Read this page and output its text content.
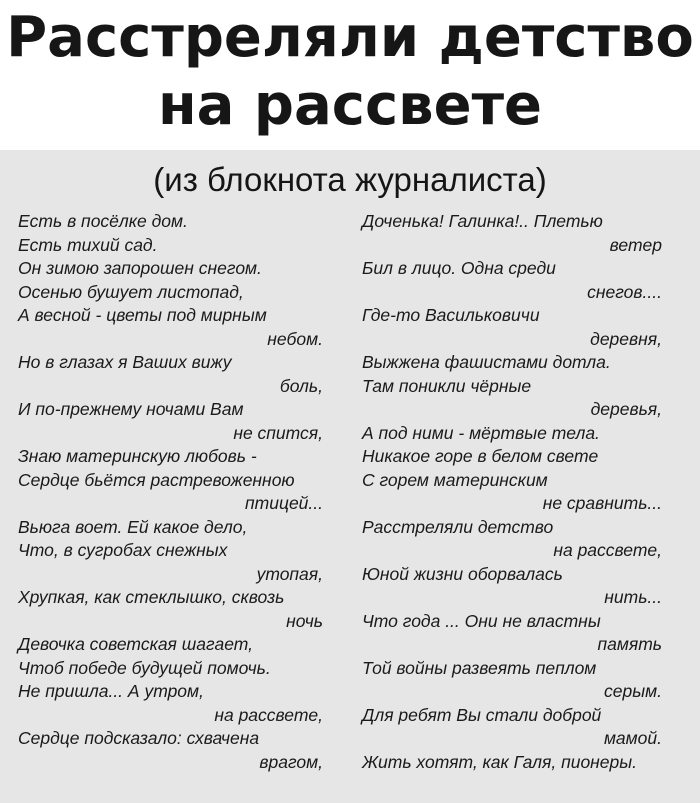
Расстреляли детство
на рассвете
(из блокнота журналиста)
Есть в посёлке дом.
Есть тихий сад.
Он зимою запорошен снегом.
Осенью бушует листопад,
А весной - цветы под мирным
небом.
Но в глазах я Ваших вижу
боль,
И по-прежнему ночами Вам
не спится,
Знаю материнскую любовь -
Сердце бьётся растревоженною
птицей...
Вьюга воет. Ей какое дело,
Что, в сугробах снежных
утопая,
Хрупкая, как стеклышко, сквозь
ночь
Девочка советская шагает,
Чтоб победе будущей помочь.
Не пришла... А утром,
на рассвете,
Сердце подсказало: схвачена
врагом,
Доченька! Галинка!.. Плетью
ветер
Бил в лицо. Одна среди
снегов....
Где-то Васильковичи
деревня,
Выжжена фашистами дотла.
Там поникли чёрные
деревья,
А под ними - мёртвые тела.
Никакое горе в белом свете
С горем материнским
не сравнить...
Расстреляли детство
на рассвете,
Юной жизни оборвалась
нить...
Что года ... Они не властны
память
Той войны развеять пеплом
серым.
Для ребят Вы стали доброй
мамой.
Жить хотят, как Галя, пионеры.
